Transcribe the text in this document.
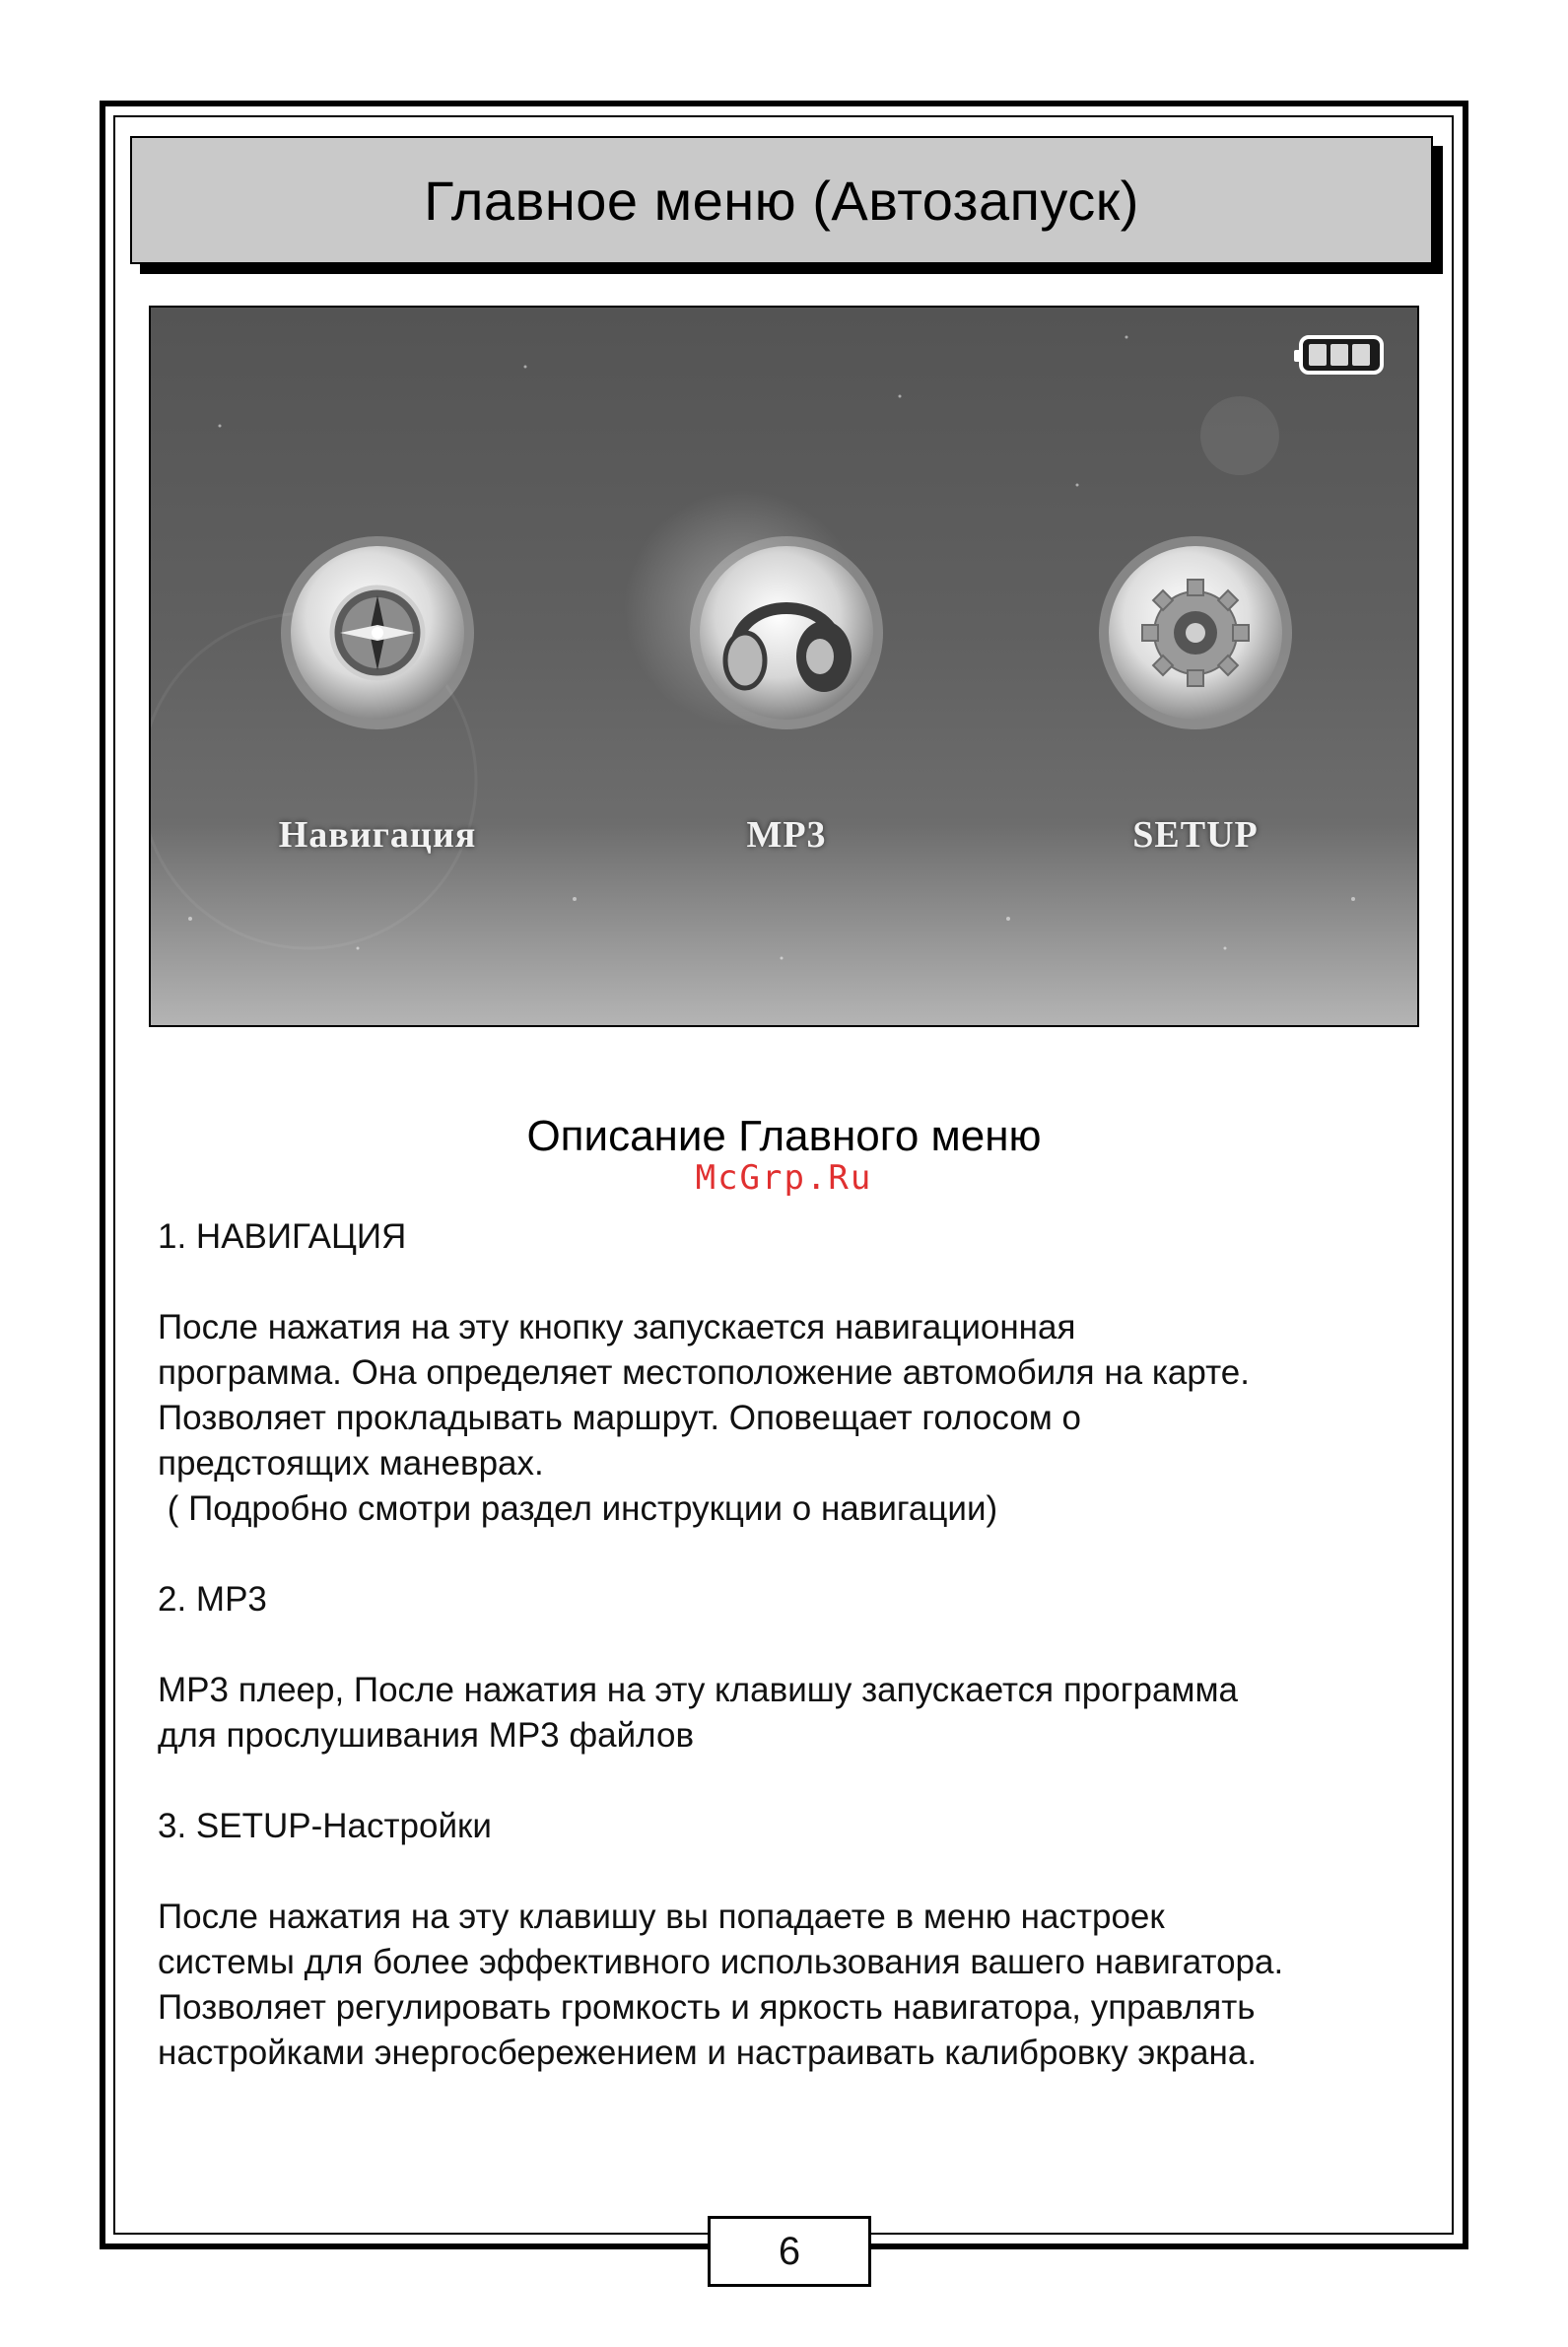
Главное меню (Автозапуск)
Навигация	MP3	SETUP
Описание Главного меню
McGrp.Ru

1. НАВИГАЦИЯ

После нажатия на эту кнопку запускается навигационная

программа. Она определяет местоположение автомобиля на карте.

Позволяет прокладывать маршрут. Оповещает голосом о

предстоящих маневрах.

( Подробно смотри раздел инструкции о навигации)

2. MP3

MP3 плеер, После нажатия на эту клавишу запускается программа

для прослушивания MP3 файлов

3. SETUP-Настройки

После нажатия на эту клавишу вы попадаете в меню настроек

системы для более эффективного использования вашего навигатора.

Позволяет регулировать громкость и яркость навигатора, управлять

настройками энергосбережением и настраивать калибровку экрана.

6
